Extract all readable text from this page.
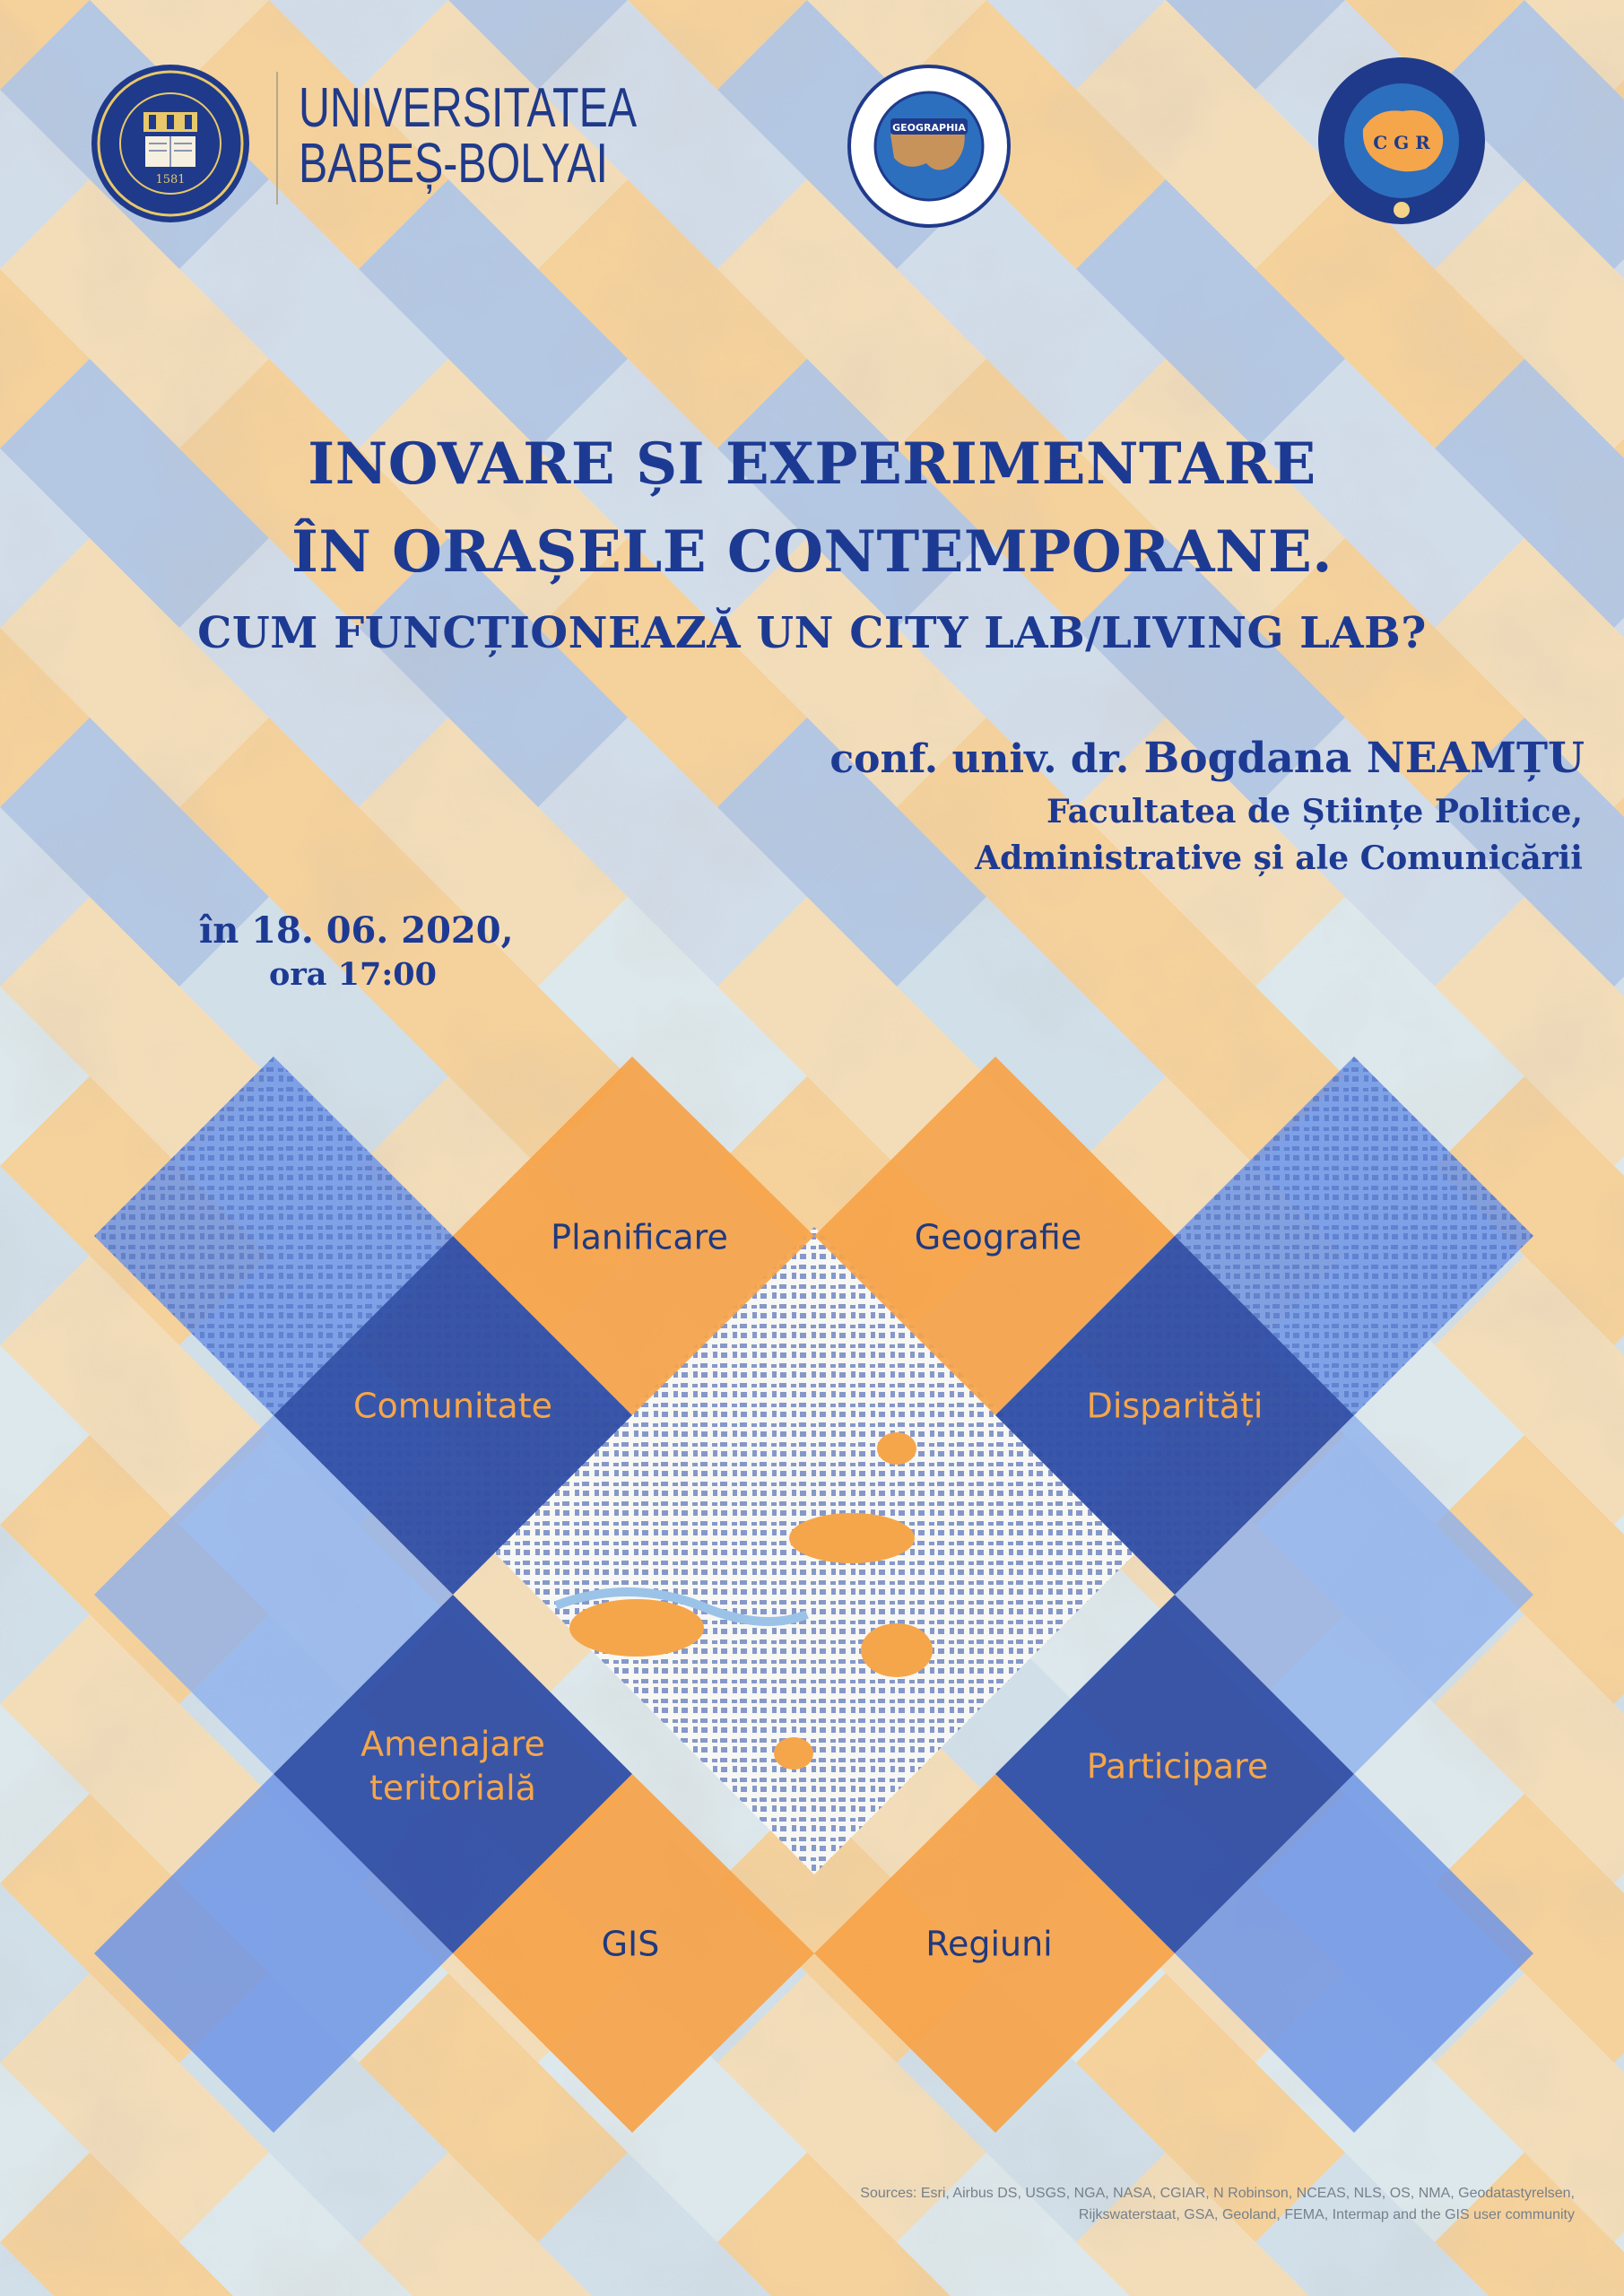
1581
UNIVERSITATEA
BABEȘ-BOLYAI
GEOGRAPHIA
C G R
INOVARE ȘI EXPERIMENTARE
ÎN ORAȘELE CONTEMPORANE.
CUM FUNCȚIONEAZĂ UN CITY LAB/LIVING LAB?
conf. univ. dr. Bogdana NEAMȚU
Facultatea de Științe Politice,
Administrative și ale Comunicării
în 18. 06. 2020,
ora 17:00
Planificare	Geografie
Comunitate	Disparități
Amenajare
teritorială
Participare
GIS	Regiuni
Sources: Esri, Airbus DS, USGS, NGA, NASA, CGIAR, N Robinson, NCEAS, NLS, OS, NMA, Geodatastyrelsen,
Rijkswaterstaat, GSA, Geoland, FEMA, Intermap and the GIS user community
